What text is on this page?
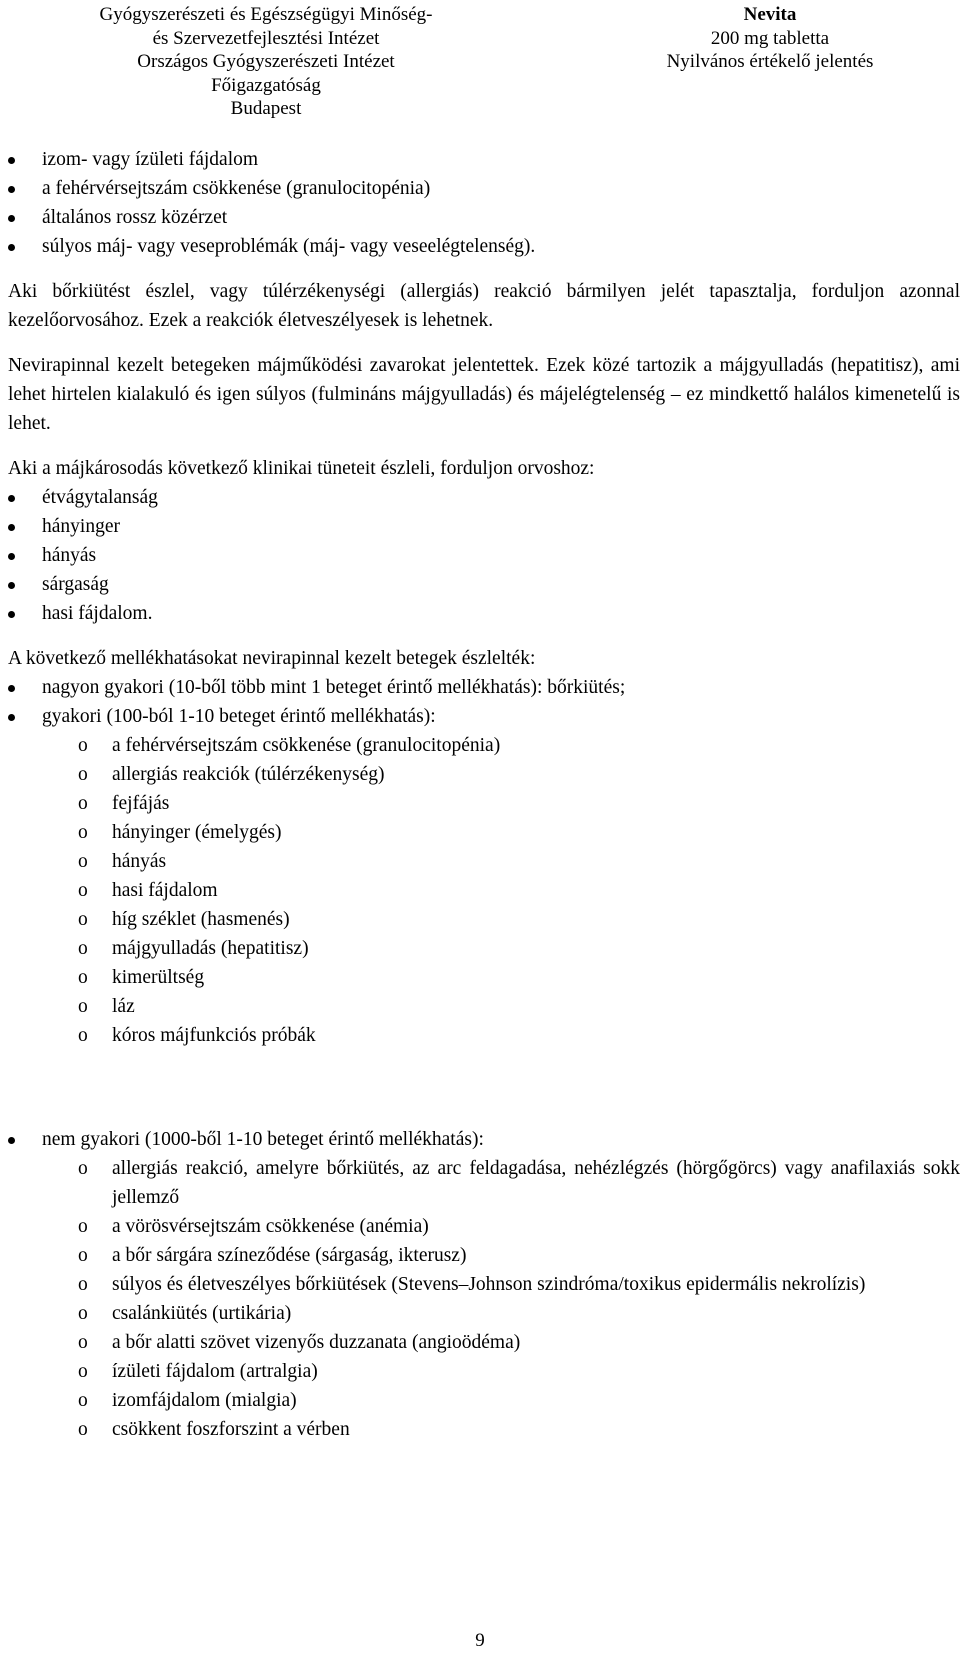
Gyógyszerészeti és Egészségügyi Minőség-
és Szervezetfejlesztési Intézet
Országos Gyógyszerészeti Intézet
Főigazgatóság
Budapest
Nevita
200 mg tabletta
Nyilvános értékelő jelentés
izom- vagy ízületi fájdalom
a fehérvérsejtszám csökkenése (granulocitopénia)
általános rossz közérzet
súlyos máj- vagy veseproblémák (máj- vagy veseelégtelenség).

Aki bőrkiütést észlel, vagy túlérzékenységi (allergiás) reakció bármilyen jelét tapasztalja, forduljon azonnal kezelőorvosához. Ezek a reakciók életveszélyesek is lehetnek.

Nevirapinnal kezelt betegeken májműködési zavarokat jelentettek. Ezek közé tartozik a májgyulladás (hepatitisz), ami lehet hirtelen kialakuló és igen súlyos (fulmináns májgyulladás) és májelégtelenség – ez mindkettő halálos kimenetelű is lehet.

Aki a májkárosodás következő klinikai tüneteit észleli, forduljon orvoshoz:

étvágytalanság
hányinger
hányás
sárgaság
hasi fájdalom.

A következő mellékhatásokat nevirapinnal kezelt betegek észlelték:

nagyon gyakori (10-ből több mint 1 beteget érintő mellékhatás): bőrkiütés;
gyakori (100-ból 1-10 beteget érintő mellékhatás):
o a fehérvérsejtszám csökkenése (granulocitopénia)
o allergiás reakciók (túlérzékenység)
o fejfájás
o hányinger (émelygés)
o hányás
o hasi fájdalom
o híg széklet (hasmenés)
o májgyulladás (hepatitisz)
o kimerültség
o láz
o kóros májfunkciós próbák
nem gyakori (1000-ből 1-10 beteget érintő mellékhatás):
o allergiás reakció, amelyre bőrkiütés, az arc feldagadása, nehézlégzés (hörgőgörcs) vagy anafilaxiás sokk jellemző
o a vörösvérsejtszám csökkenése (anémia)
o a bőr sárgára színeződése (sárgaság, ikterusz)
o súlyos és életveszélyes bőrkiütések (Stevens–Johnson szindróma/toxikus epidermális nekrolízis)
o csalánkiütés (urtikária)
o a bőr alatti szövet vizenyős duzzanata (angioödéma)
o ízületi fájdalom (artralgia)
o izomfájdalom (mialgia)
o csökkent foszforszint a vérben
9
